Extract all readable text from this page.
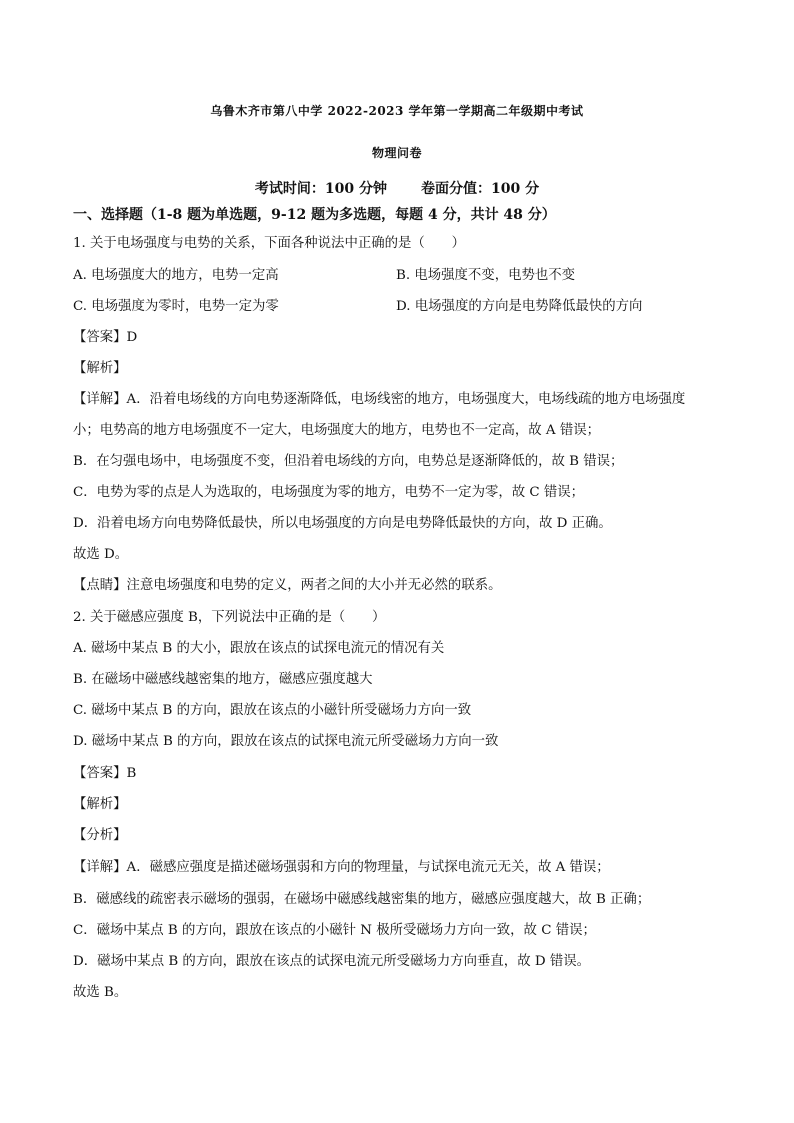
乌鲁木齐市第八中学 2022-2023 学年第一学期高二年级期中考试
物理问卷
考试时间：100 分钟 卷面分值：100 分
一、选择题（1-8 题为单选题，9-12 题为多选题，每题 4 分，共计 48 分）
1. 关于电场强度与电势的关系，下面各种说法中正确的是（　　）
A. 电场强度大的地方，电势一定高	B. 电场强度不变，电势也不变
C. 电场强度为零时，电势一定为零	D. 电场强度的方向是电势降低最快的方向
【答案】D
【解析】
【详解】A．沿着电场线的方向电势逐渐降低，电场线密的地方，电场强度大，电场线疏的地方电场强度
小；电势高的地方电场强度不一定大，电场强度大的地方，电势也不一定高，故 A 错误；
B．在匀强电场中，电场强度不变，但沿着电场线的方向，电势总是逐渐降低的，故 B 错误；
C．电势为零的点是人为选取的，电场强度为零的地方，电势不一定为零，故 C 错误；
D．沿着电场方向电势降低最快，所以电场强度的方向是电势降低最快的方向，故 D 正确。
故选 D。
【点睛】注意电场强度和电势的定义，两者之间的大小并无必然的联系。
2. 关于磁感应强度 B，下列说法中正确的是（　　）
A. 磁场中某点 B 的大小，跟放在该点的试探电流元的情况有关
B. 在磁场中磁感线越密集的地方，磁感应强度越大
C. 磁场中某点 B 的方向，跟放在该点的小磁针所受磁场力方向一致
D. 磁场中某点 B 的方向，跟放在该点的试探电流元所受磁场力方向一致
【答案】B
【解析】
【分析】
【详解】A．磁感应强度是描述磁场强弱和方向的物理量，与试探电流元无关，故 A 错误；
B．磁感线的疏密表示磁场的强弱，在磁场中磁感线越密集的地方，磁感应强度越大，故 B 正确；
C．磁场中某点 B 的方向，跟放在该点的小磁针 N 极所受磁场力方向一致，故 C 错误；
D．磁场中某点 B 的方向，跟放在该点的试探电流元所受磁场力方向垂直，故 D 错误。
故选 B。
